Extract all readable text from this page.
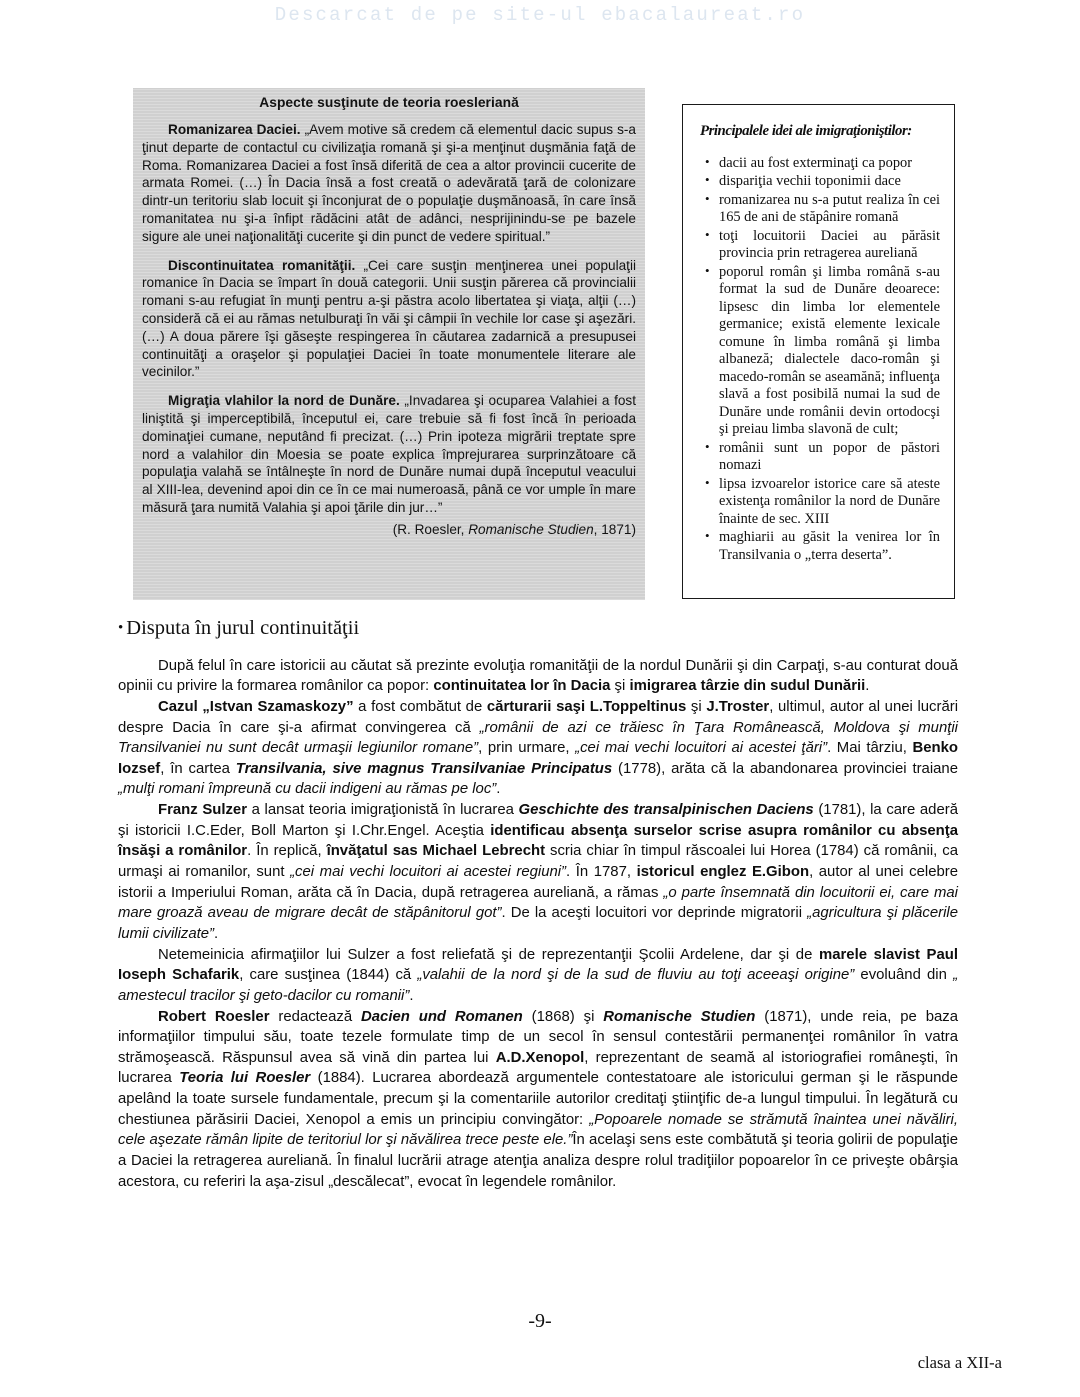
Descarcat de pe site-ul ebacalaureat.ro
Aspecte susţinute de teoria roesleriană

Romanizarea Daciei. „Avem motive să credem că elementul dacic supus s-a ţinut departe de contactul cu civilizaţia romană şi şi-a menţinut duşmănia faţă de Roma. Romanizarea Daciei a fost însă diferită de cea a altor provincii cucerite de armata Romei. (…) În Dacia însă a fost creată o adevărată ţară de colonizare dintr-un teritoriu slab locuit şi înconjurat de o populaţie duşmănoasă, în care însă romanitatea nu şi-a înfipt rădăcini atât de adânci, nesprijinindu-se pe bazele sigure ale unei naţionalităţi cucerite şi din punct de vedere spiritual.”

Discontinuitatea romanităţii. „Cei care susţin menţinerea unei populaţii romanice în Dacia se împart în două categorii. Unii susţin părerea că provincialii romani s-au refugiat în munţi pentru a-şi păstra acolo libertatea şi viaţa, alţii (…) consideră că ei au rămas netulburaţi în văi şi câmpii în vechile lor case şi aşezări. (…) A doua părere îşi găseşte respingerea în căutarea zadarnică a presupusei continuităţi a oraşelor şi populaţiei Daciei în toate monumentele literare ale vecinilor.”

Migraţia vlahilor la nord de Dunăre. „Invadarea şi ocuparea Valahiei a fost liniştită şi imperceptibilă, începutul ei, care trebuie să fi fost încă în perioada dominaţiei cumane, neputând fi precizat. (…) Prin ipoteza migrării treptate spre nord a valahilor din Moesia se poate explica împrejurarea surprinzătoare că populaţia valahă se întâlneşte în nord de Dunăre numai după începutul veacului al XIII-lea, devenind apoi din ce în ce mai numeroasă, până ce vor umple în mare măsură ţara numită Valahia şi apoi ţările din jur…”

(R. Roesler, Romanische Studien, 1871)

Principalele idei ale imigraţioniştilor:
• dacii au fost exterminaţi ca popor
• dispariţia vechii toponimii dace
• romanizarea nu s-a putut realiza în cei 165 de ani de stăpânire romană
• toţi locuitorii Daciei au părăsit provincia prin retragerea aureliană
• poporul român şi limba română s-au format la sud de Dunăre deoarece: lipsesc din limba lor elementele germanice; există elemente lexicale comune în limba română şi limba albaneză; dialectele daco-român şi macedo-român se aseamănă; influenţa slavă a fost posibilă numai la sud de Dunăre unde românii devin ortodocşi şi preiau limba slavonă de cult;
• românii sunt un popor de păstori nomazi
• lipsa izvoarelor istorice care să ateste existenţa românilor la nord de Dunăre înainte de sec. XIII
• maghiarii au găsit la venirea lor în Transilvania o „terra deserta”.
• Disputa în jurul continuităţii

După felul în care istoricii au căutat să prezinte evoluţia romanităţii de la nordul Dunării şi din Carpaţi, s-au conturat două opinii cu privire la formarea românilor ca popor: continuitatea lor în Dacia şi imigrarea târzie din sudul Dunării.

Cazul „Istvan Szamaskozy” a fost combătut de cărturarii saşi L.Toppeltinus şi J.Troster, ultimul, autor al unei lucrări despre Dacia în care şi-a afirmat convingerea că „românii de azi ce trăiesc în Ţara Românească, Moldova şi munţii Transilvaniei nu sunt decât urmaşii legiunilor romane”, prin urmare, „cei mai vechi locuitori ai acestei ţări”. Mai târziu, Benko Iozsef, în cartea Transilvania, sive magnus Transilvaniae Principatus (1778), arăta că la abandonarea provinciei traiane „mulţi romani împreună cu dacii indigeni au rămas pe loc”.

Franz Sulzer a lansat teoria imigraţionistă în lucrarea Geschichte des transalpinischen Daciens (1781), la care aderă şi istoricii I.C.Eder, Boll Marton şi I.Chr.Engel. Aceştia identificau absenţa surselor scrise asupra românilor cu absenţa însăşi a românilor. În replică, învăţatul sas Michael Lebrecht scria chiar în timpul răscoalei lui Horea (1784) că românii, ca urmaşi ai romanilor, sunt „cei mai vechi locuitori ai acestei regiuni”. În 1787, istoricul englez E.Gibon, autor al unei celebre istorii a Imperiului Roman, arăta că în Dacia, după retragerea aureliană, a rămas „o parte însemnată din locuitorii ei, care mai mare groază aveau de migrare decât de stăpânitorul got”. De la aceşti locuitori vor deprinde migratorii „agricultura şi plăcerile lumii civilizate”.

Netemeinicia afirmaţiilor lui Sulzer a fost reliefată şi de reprezentanţii Şcolii Ardelene, dar şi de marele slavist Paul Ioseph Schafarik, care susţinea (1844) că „valahii de la nord şi de la sud de fluviu au toţi aceeaşi origine” evoluând din „ amestecul tracilor şi geto-dacilor cu romanii”.

Robert Roesler redactează Dacien und Romanen (1868) şi Romanische Studien (1871), unde reia, pe baza informaţiilor timpului său, toate tezele formulate timp de un secol în sensul contestării permanenţei românilor în vatra strămoşească. Răspunsul avea să vină din partea lui A.D.Xenopol, reprezentant de seamă al istoriografiei româneşti, în lucrarea Teoria lui Roesler (1884). Lucrarea abordează argumentele contestatoare ale istoricului german şi le răspunde apelând la toate sursele fundamentale, precum şi la comentariile autorilor creditaţi ştiinţific de-a lungul timpului. În legătură cu chestiunea părăsirii Daciei, Xenopol a emis un principiu convingător: „Popoarele nomade se strămută înaintea unei năvăliri, cele aşezate rămân lipite de teritoriul lor şi năvălirea trece peste ele.”În acelaşi sens este combătută şi teoria golirii de populaţie a Daciei la retragerea aureliană. În finalul lucrării atrage atenţia analiza despre rolul tradiţiilor popoarelor în ce priveşte obârşia acestora, cu referiri la aşa-zisul „descălecat”, evocat în legendele românilor.

-9-
clasa a XII-a
